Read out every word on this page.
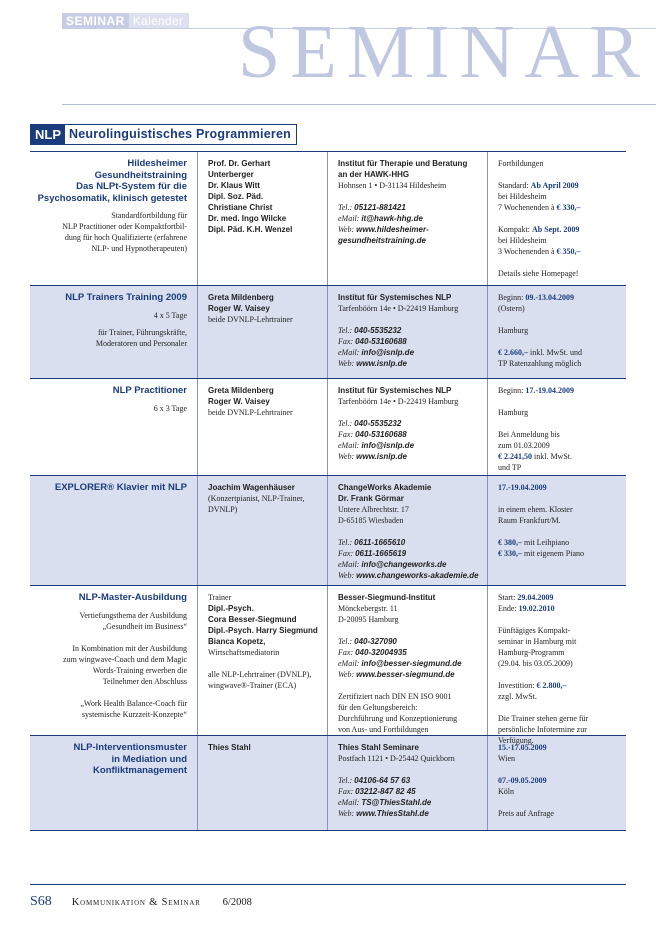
SEMINAR Kalender SEMINAR
NLP Neurolinguistisches Programmieren
Hildesheimer
Gesundheitstraining
Das NLPt-System für die
Psychosomatik, klinisch getestet
Standardfortbildung für
NLP Practitioner oder Kompaktfortbil-
dung für hoch Qualifizierte (erfahrene
NLP- und Hypnotherapeuten)
Prof. Dr. Gerhart
Unterberger
Dr. Klaus Witt
Dipl. Soz. Päd.
Christiane Christ
Dr. med. Ingo Wilcke
Dipl. Päd. K.H. Wenzel
Institut für Therapie und Beratung
an der HAWK-HHG
Hohnsen 1 • D-31134 Hildesheim
Tel.: 05121-881421
eMail: it@hawk-hhg.de
Web: www.hildesheimer-
gesundheitstraining.de
Fortbildungen
Standard: Ab April 2009
bei Hildesheim
7 Wochenenden à € 330,–
Kompakt: Ab Sept. 2009
bei Hildesheim
3 Wochenenden à € 350,–
Details siehe Homepage!
NLP Trainers Training 2009
4 x 5 Tage
für Trainer, Führungskräfte,
Moderatoren und Personaler
Greta Mildenberg
Roger W. Vaisey
beide DVNLP-Lehrtrainer
Institut für Systemisches NLP
Tarfenböörn 14e • D-22419 Hamburg
Tel.: 040-5535232
Fax: 040-53160688
eMail: info@isnlp.de
Web: www.isnlp.de
Beginn: 09.-13.04.2009
(Ostern)
Hamburg
€ 2.660,– inkl. MwSt. und
TP Ratenzahlung möglich
NLP Practitioner
6 x 3 Tage
Greta Mildenberg
Roger W. Vaisey
beide DVNLP-Lehrtrainer
Institut für Systemisches NLP
Tarfenböörn 14e • D-22419 Hamburg
Tel.: 040-5535232
Fax: 040-53160688
eMail: info@isnlp.de
Web: www.isnlp.de
Beginn: 17.-19.04.2009
Hamburg
Bei Anmeldung bis
zum 01.03.2009
€ 2.241,50 inkl. MwSt.
und TP
EXPLORER® Klavier mit NLP	Joachim Wagenhäuser
(Konzertpianist, NLP-Trainer,
DVNLP)
ChangeWorks Akademie
Dr. Frank Görmar
Untere Albrechtstr. 17
D-65185 Wiesbaden
Tel.: 0611-1665610
Fax: 0611-1665619
eMail: info@changeworks.de
Web: www.changeworks-akademie.de
17.-19.04.2009
in einem ehem. Kloster
Raum Frankfurt/M.
€ 380,– mit Leihpiano
€ 330,– mit eigenem Piano
NLP-Master-Ausbildung
Vertiefungsthema der Ausbildung
„Gesundheit im Business“
In Kombination mit der Ausbildung
zum wingwave-Coach und dem Magic
Words-Training erwerben die
Teilnehmer den Abschluss
„Work Health Balance-Coach für
systemische Kurzzeit-Konzepte“
Trainer
Dipl.-Psych.
Cora Besser-Siegmund
Dipl.-Psych. Harry Siegmund
Bianca Kopetz,
Wirtschaftsmediatorin
alle NLP-Lehrtrainer (DVNLP),
wingwave®-Trainer (ECA)
Besser-Siegmund-Institut
Mönckebergstr. 11
D-20095 Hamburg
Tel.: 040-327090
Fax: 040-32004935
eMail: info@besser-siegmund.de
Web: www.besser-siegmund.de
Zertifiziert nach DIN EN ISO 9001
für den Geltungsbereich:
Durchführung und Konzeptionierung
von Aus- und Fortbildungen
Start: 29.04.2009
Ende: 19.02.2010
Fünftägiges Kompakt-
seminar in Hamburg mit
Hamburg-Programm
(29.04. bis 03.05.2009)
Investition: € 2.800,–
zzgl. MwSt.
Die Trainer stehen gerne für
persönliche Infotermine zur
Verfügung.
NLP-Interventionsmuster
in Mediation und
Konfliktmanagement
Thies Stahl	Thies Stahl Seminare
Postfach 1121 • D-25442 Quickborn
Tel.: 04106-64 57 63
Fax: 03212-847 82 45
eMail: TS@ThiesStahl.de
Web: www.ThiesStahl.de
15.-17.05.2009
Wien
07.-09.05.2009
Köln
Preis auf Anfrage
S68 Kommunikation & Seminar 6/2008
